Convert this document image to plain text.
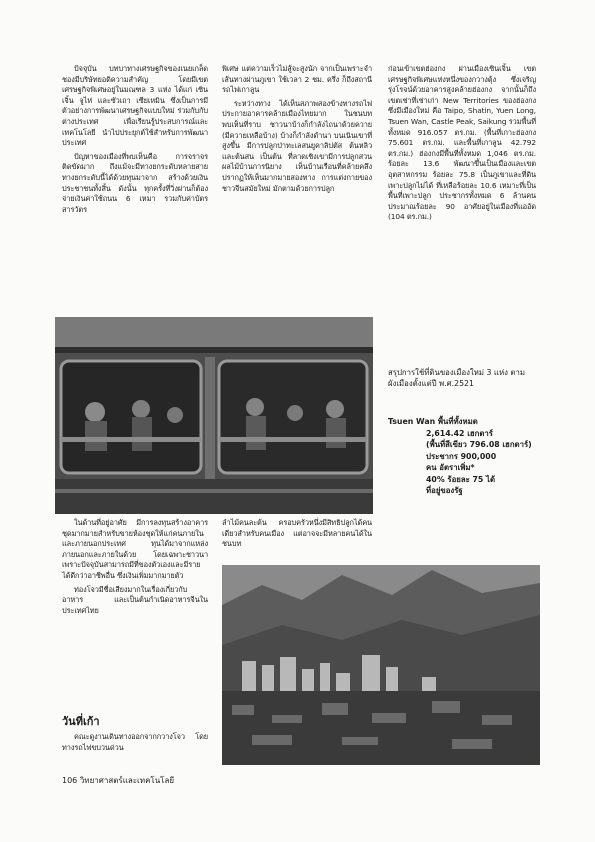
ปัจจุบัน บทบาทางเศรษฐกิจของเนยเกล็ดชองมีบริษัทยอดิความสำคัญ โดยมีเขตเศรษฐกิจพิเศษอยู่ในมณฑล 3 แห่ง ได้แก่ เซินเจิ้น จูไห่ และซัวเถา เซียเหมิน ซึ่งเป็นการมีตัวอย่างการพัฒนาเศรษฐกิจแบบใหม่ ร่วมกับกับต่างประเทศ เพื่อเรียนรู้ประสบการณ์และเทคโนโลยี นำไปประยุกต์ใช้สำหรับการพัฒนาประเทศ

ปัญหาของเมืองที่พบเห็นคือ การจราจรติดขัดมาก ถึงแม้จะมีทางยกระดับหลายสาย ทางยกระดับนี้ได้ด้วยทุนมาจาก สร้างด้วยเงินประชาชนทั้งสิ้น ดังนั้น ทุกครั้งที่วิ่งผ่านก็ต้องจ่ายเงินค่าใช้ถนน 6 เหมา รวมกับค่าบัตรสารวัตร

พิเศษ แต่ความเร็วไม่สู้จะสูงนัก จากเป็นเพราะจำเส้นทางผ่านภูเขา ใช้เวลา 2 ชม. ครึ่ง ก็ถึงสถานีรถไฟเกาลูน

ระหว่างทาง ได้เห็นสภาพสองข้างทางรถไฟ ประกายอาคารคล้ายเมืองไทยมาก ในชนบทพบเห็นที่ราบ ชาวนาบ้างก็กำลังไถนาด้วยควาย (มีควายเหลือบ้าง) บ้างก็กำลังดำนา บนเนินเขาที่สูงขึ้น มีการปลูกป่าทะเลสนยูคาลิปตัส ต้นหลิวและต้นสน เป็นต้น ที่ลาดเชิงเขามีการปลูกสวนผลไม้บ้านการนิยาง เห็นบ้านเรือนที่คล้ายคลึงปรากฏให้เห็นมากมายสองทาง การแต่งกายของชาวจีนสมัยใหม่ มักตามด้วยการปลูก

ก่อนเข้าเขตฮ่องกง ผ่านเมืองเซินเจิ้น เขตเศรษฐกิจพิเศษแห่งหนึ่งของกวางตุ้ง ซึ่งเจริญรุ่งโรจน์ด้วยอาคารสูงคล้ายฮ่องกง จากนั้นก็ถึงเขตเช่าที่เช่าเก่า New Territories ของฮ่องกง ซึ่งมีเมืองใหม่ คือ Taipo, Shatin, Yuen Long, Tsuen Wan, Castle Peak, Saikung รวมพื้นที่ทั้งหมด 916.057 ตร.กม. (พื้นที่เกาะฮ่องกง 75.601 ตร.กม. และพื้นที่เกาลูน 42.792 ตร.กม.) ฮ่องกงมีพื้นที่ทั้งหมด 1,046 ตร.กม. ร้อยละ 13.6 พัฒนาขึ้นเป็นเมืองและเขตอุตสาหกรรม ร้อยละ 75.8 เป็นภูเขาและที่ดินเพาะปลูกไม่ได้ ที่เหลือร้อยละ 10.6 เหมาะที่เป็นพื้นที่เพาะปลูก ประชากรทั้งหมด 6 ล้านคน ประมาณร้อยละ 90 อาศัยอยู่ในเมืองที่แออัด (104 ตร.กม.)

สรุปการใช้ที่ดินของเมืองใหม่ 3 แห่ง ตามผังเมืองตั้งแต่ปี พ.ศ.2521
Tsuen Wan พื้นที่ทั้งหมด
2,614.42 เฮกตาร์
(พื้นที่สีเขียว 796.08 เฮกตาร์)
ประชากร 900,000
คน อัตราเพิ่ม*
40% ร้อยละ 75 ได้
ที่อยู่ของรัฐ

ในด้านที่อยู่อาศัย มีการลงทุนสร้างอาคารชุดมากมายสำหรับขายห้องชุดให้แก่คนภายใน และภายนอกประเทศ ทุนได้มาจากแหล่งภายนอกและภายในด้วย โดยเฉพาะชาวนาเพราะปัจจุบันสามารถมีที่ของตัวเองและมีรายได้ดีกว่าอาชีพอื่น ซึ่งเงินเพิ่มมากมายตัว

ท่องโจวมีชื่อเสียงมากในเรื่องเกี่ยวกับอาหาร และเป็นต้นกำเนิดอาหารจีนในประเทศไทย

ลำไม้คนละต้น ครอบครัวหนึ่งมีสิทธิปลูกได้คนเดียวสำหรับคนเมือง แต่อาจจะมีหลายคนได้ในชนบท

วันที่เก้า

คณะดูงานเดินทางออกจากกวางโจว โดยทางรถไฟขบวนด่วน

106 วิทยาศาสตร์และเทคโนโลยี
